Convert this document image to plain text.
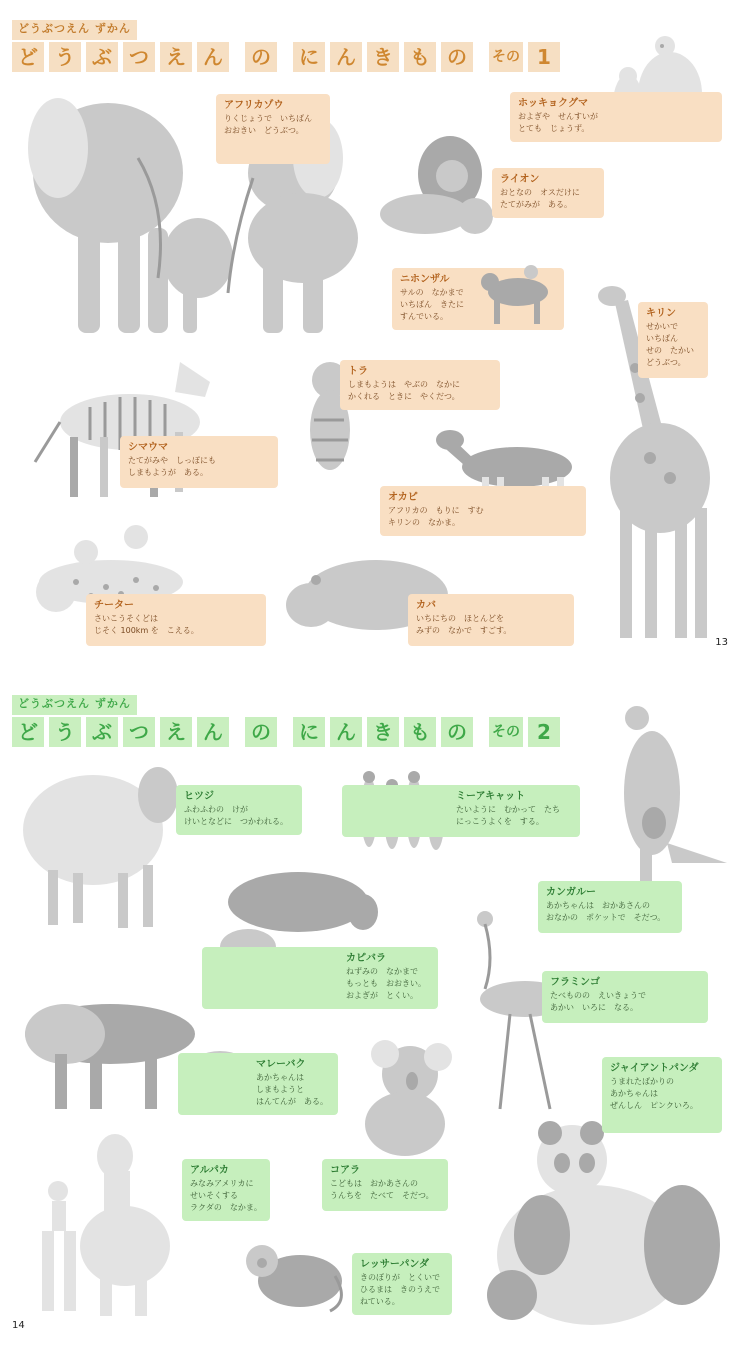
どうぶつえん ずかん
ど う ぶ つ え ん	の	に ん き も の	その 1
アフリカゾウ
りくじょうで　いちばん
おおきい　どうぶつ。
ホッキョクグマ
およぎや　せんすいが
とても　じょうず。
ライオン
おとなの　オスだけに
たてがみが　ある。
ニホンザル
サルの　なかまで
いちばん　きたに
すんでいる。	キリン
せかいで
いちばん
せの　たかい
どうぶつ。
トラ
しまもようは　やぶの　なかに
かくれる　ときに　やくだつ。
シマウマ
たてがみや　しっぽにも
しまもようが　ある。
オカピ
アフリカの　もりに　すむ
キリンの　なかま。
チーター
さいこうそくどは
じそく 100km を　こえる。
カバ
いちにちの　ほとんどを
みずの　なかで　すごす。
13
どうぶつえん ずかん
ど う ぶ つ え ん	の	に ん き も の	その 2
ヒツジ
ふわふわの　けが
けいとなどに　つかわれる。
ミーアキャット
たいように　むかって　たち
にっこうよくを　する。
カンガルー
あかちゃんは　おかあさんの
おなかの　ポケットで　そだつ。
カピバラ
ねずみの　なかまで
もっとも　おおきい。
およぎが　とくい。
フラミンゴ
たべものの　えいきょうで
あかい　いろに　なる。
マレーバク
あかちゃんは
しまもようと
はんてんが　ある。
コアラ
こどもは　おかあさんの
うんちを　たべて　そだつ。
ジャイアントパンダ
うまれたばかりの
あかちゃんは
ぜんしん　ピンクいろ。
アルパカ
みなみアメリカに
せいそくする
ラクダの　なかま。
レッサーパンダ
きのぼりが　とくいで
ひるまは　きのうえで
ねている。
14
